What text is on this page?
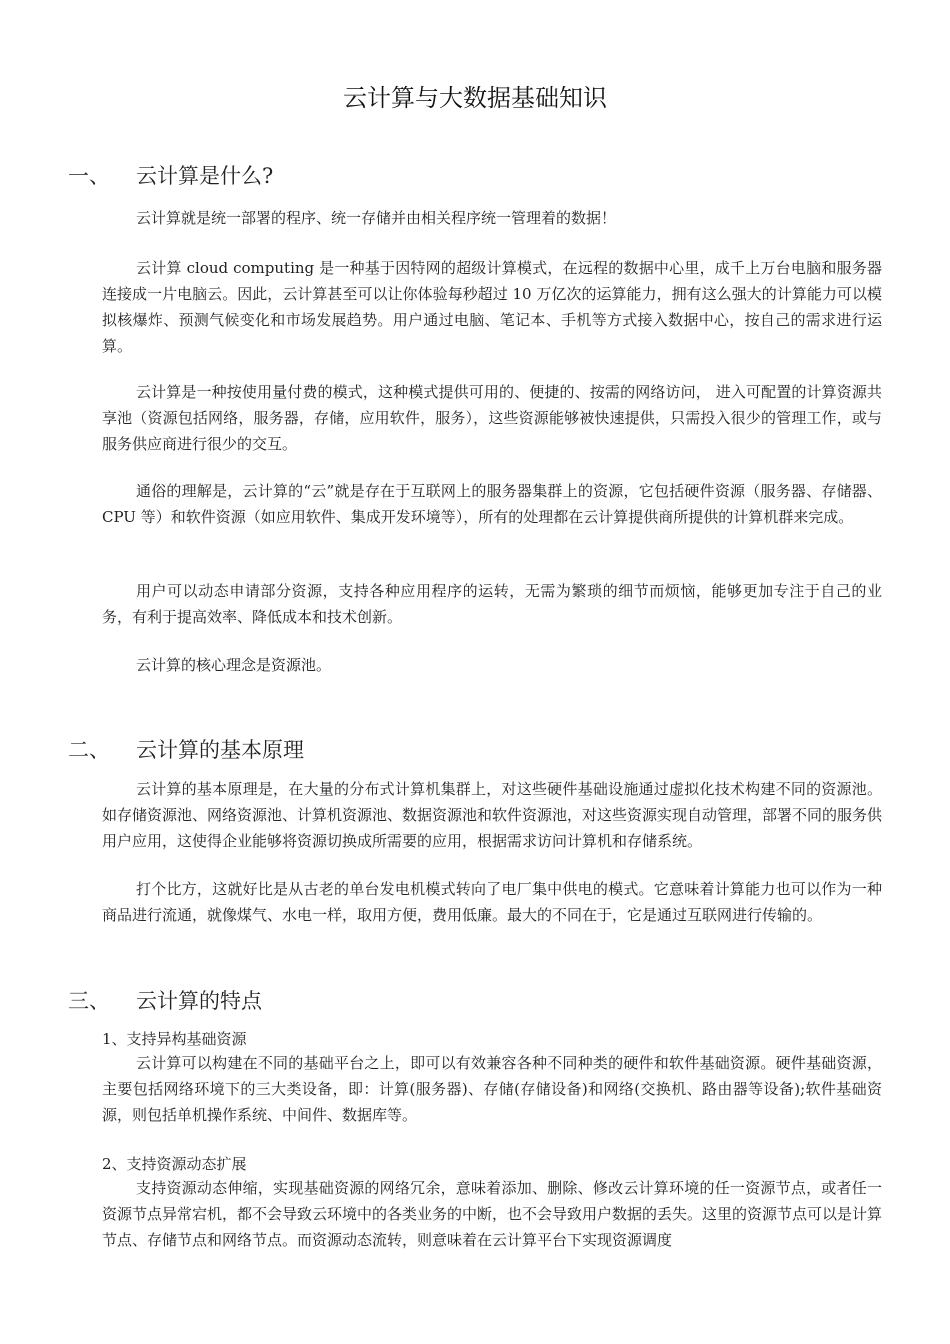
云计算与大数据基础知识
一、 云计算是什么?

云计算就是统一部署的程序、统一存储并由相关程序统一管理着的数据！

云计算 cloud computing 是一种基于因特网的超级计算模式，在远程的数据中心里，成千上万台电脑和服务器连接成一片电脑云。因此，云计算甚至可以让你体验每秒超过 10 万亿次的运算能力，拥有这么强大的计算能力可以模拟核爆炸、预测气候变化和市场发展趋势。用户通过电脑、笔记本、手机等方式接入数据中心，按自己的需求进行运算。

云计算是一种按使用量付费的模式，这种模式提供可用的、便捷的、按需的网络访问， 进入可配置的计算资源共享池（资源包括网络，服务器，存储，应用软件，服务），这些资源能够被快速提供，只需投入很少的管理工作，或与服务供应商进行很少的交互。

通俗的理解是，云计算的“云”就是存在于互联网上的服务器集群上的资源，它包括硬件资源（服务器、存储器、CPU 等）和软件资源（如应用软件、集成开发环境等），所有的处理都在云计算提供商所提供的计算机群来完成。

用户可以动态申请部分资源，支持各种应用程序的运转，无需为繁琐的细节而烦恼，能够更加专注于自己的业务，有利于提高效率、降低成本和技术创新。

云计算的核心理念是资源池。

二、 云计算的基本原理

云计算的基本原理是，在大量的分布式计算机集群上，对这些硬件基础设施通过虚拟化技术构建不同的资源池。如存储资源池、网络资源池、计算机资源池、数据资源池和软件资源池，对这些资源实现自动管理，部署不同的服务供用户应用，这使得企业能够将资源切换成所需要的应用，根据需求访问计算机和存储系统。

打个比方，这就好比是从古老的单台发电机模式转向了电厂集中供电的模式。它意味着计算能力也可以作为一种商品进行流通，就像煤气、水电一样，取用方便，费用低廉。最大的不同在于，它是通过互联网进行传输的。

三、 云计算的特点
1、支持异构基础资源

云计算可以构建在不同的基础平台之上，即可以有效兼容各种不同种类的硬件和软件基础资源。硬件基础资源，主要包括网络环境下的三大类设备，即：计算(服务器)、存储(存储设备)和网络(交换机、路由器等设备);软件基础资源，则包括单机操作系统、中间件、数据库等。

2、支持资源动态扩展

支持资源动态伸缩，实现基础资源的网络冗余，意味着添加、删除、修改云计算环境的任一资源节点，或者任一资源节点异常宕机，都不会导致云环境中的各类业务的中断，也不会导致用户数据的丢失。这里的资源节点可以是计算节点、存储节点和网络节点。而资源动态流转，则意味着在云计算平台下实现资源调度
